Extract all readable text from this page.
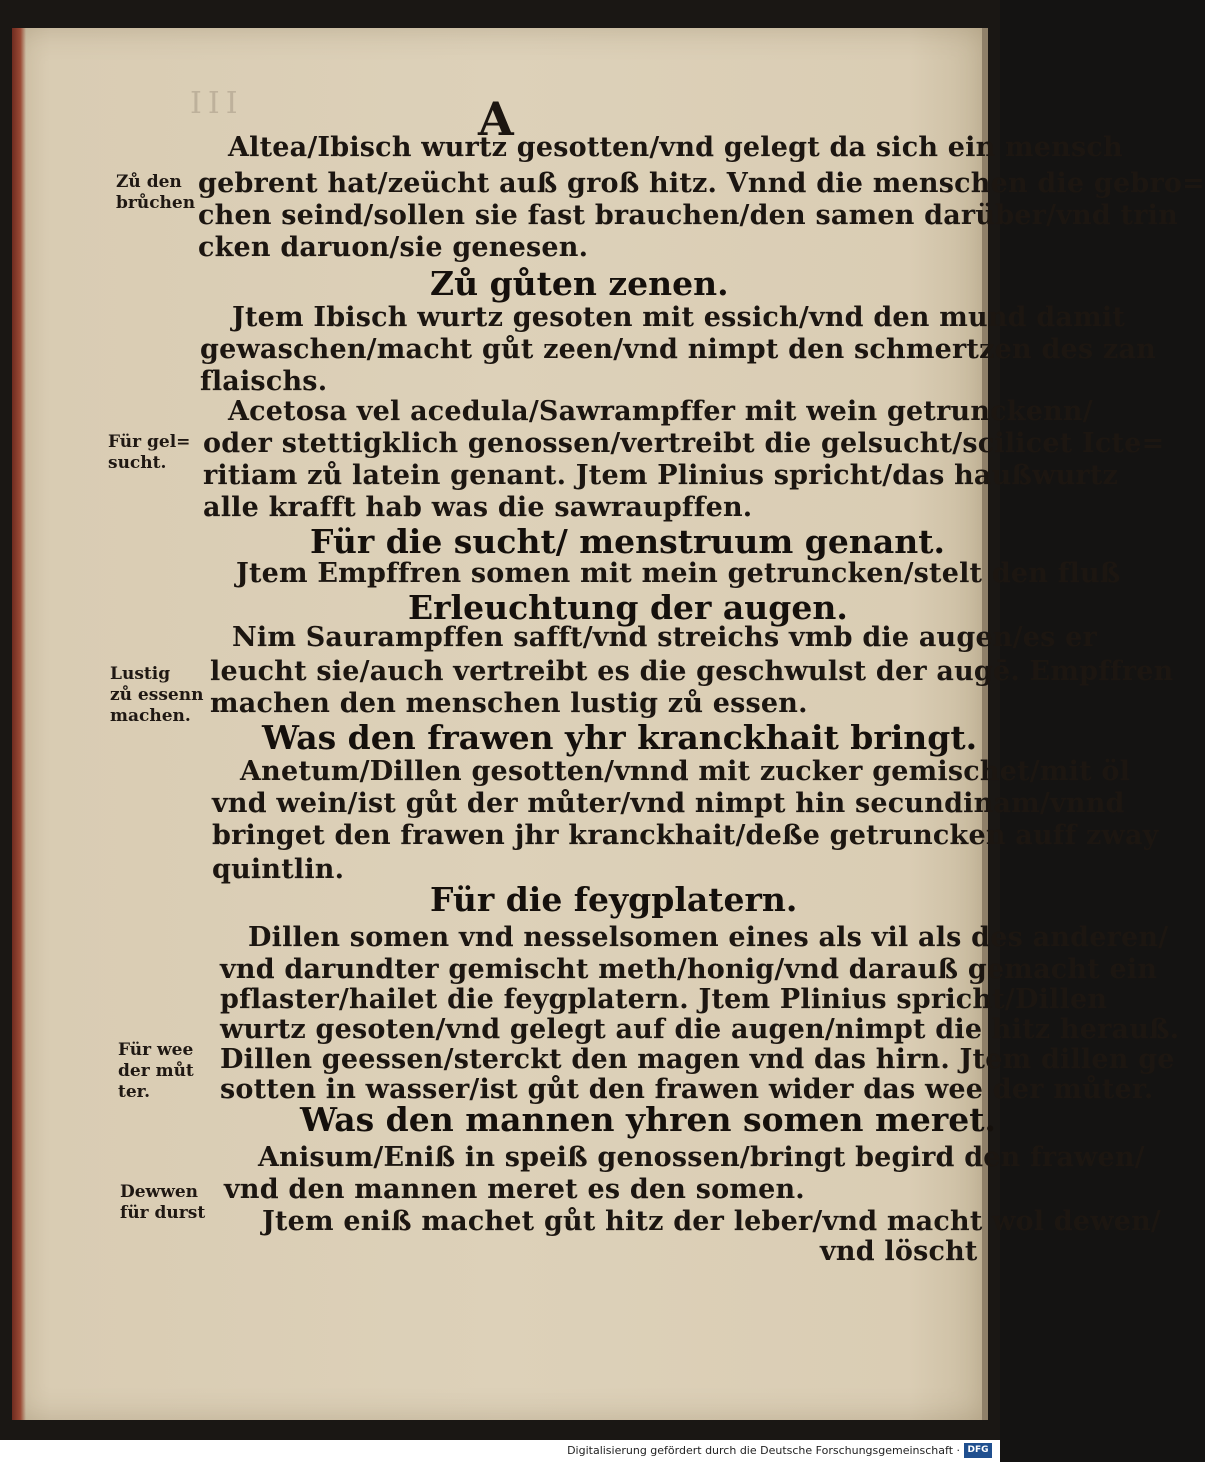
III	A
Altea/Ibisch wurtz gesotten/vnd gelegt da sich ein mensch
gebrent hat/zeücht auß groß hitz. Vnnd die menschen die gebro=
chen seind/sollen sie fast brauchen/den samen darüber/vnd trin
cken daruon/sie genesen.
Zů gůten zenen.
Jtem Ibisch wurtz gesoten mit essich/vnd den mund damit
gewaschen/macht gůt zeen/vnd nimpt den schmertzen des zan
flaischs.
Acetosa vel acedula/Sawrampffer mit wein getrunckenn/
oder stettigklich genossen/vertreibt die gelsucht/scilicet Icte=
ritiam zů latein genant. Jtem Plinius spricht/das haußwurtz
alle krafft hab was die sawraupffen.
Für die sucht/ menstruum genant.
Jtem Empffren somen mit mein getruncken/stelt den fluß
Erleuchtung der augen.
Nim Saurampffen safft/vnd streichs vmb die augen/es er
leucht sie/auch vertreibt es die geschwulst der augē. Empffren
machen den menschen lustig zů essen.
Was den frawen yhr kranckhait bringt.
Anetum/Dillen gesotten/vnnd mit zucker gemischet/mit öl
vnd wein/ist gůt der můter/vnd nimpt hin secundinam/vnnd
bringet den frawen jhr kranckhait/deße getruncken auff zway
quintlin.
Für die feygplatern.
Dillen somen vnd nesselsomen eines als vil als des anderen/
vnd darundter gemischt meth/honig/vnd darauß gemacht ein
pflaster/hailet die feygplatern. Jtem Plinius spricht/Dillen
wurtz gesoten/vnd gelegt auf die augen/nimpt die hitz herauß.
Dillen geessen/sterckt den magen vnd das hirn. Jtem dillen ge
sotten in wasser/ist gůt den frawen wider das wee der můter.
Was den mannen yhren somen meret.
Anisum/Eniß in speiß genossen/bringt begird den frawen/
vnd den mannen meret es den somen.
Jtem eniß machet gůt hitz der leber/vnd macht wol dewen/
vnd löscht
Zů den
brůchen
Für gel=
sucht.
Lustig
zů essenn
machen.
Für wee
der můt
ter.
Dewwen
für durst
Digitalisierung gefördert durch die Deutsche Forschungsgemeinschaft · DFG
